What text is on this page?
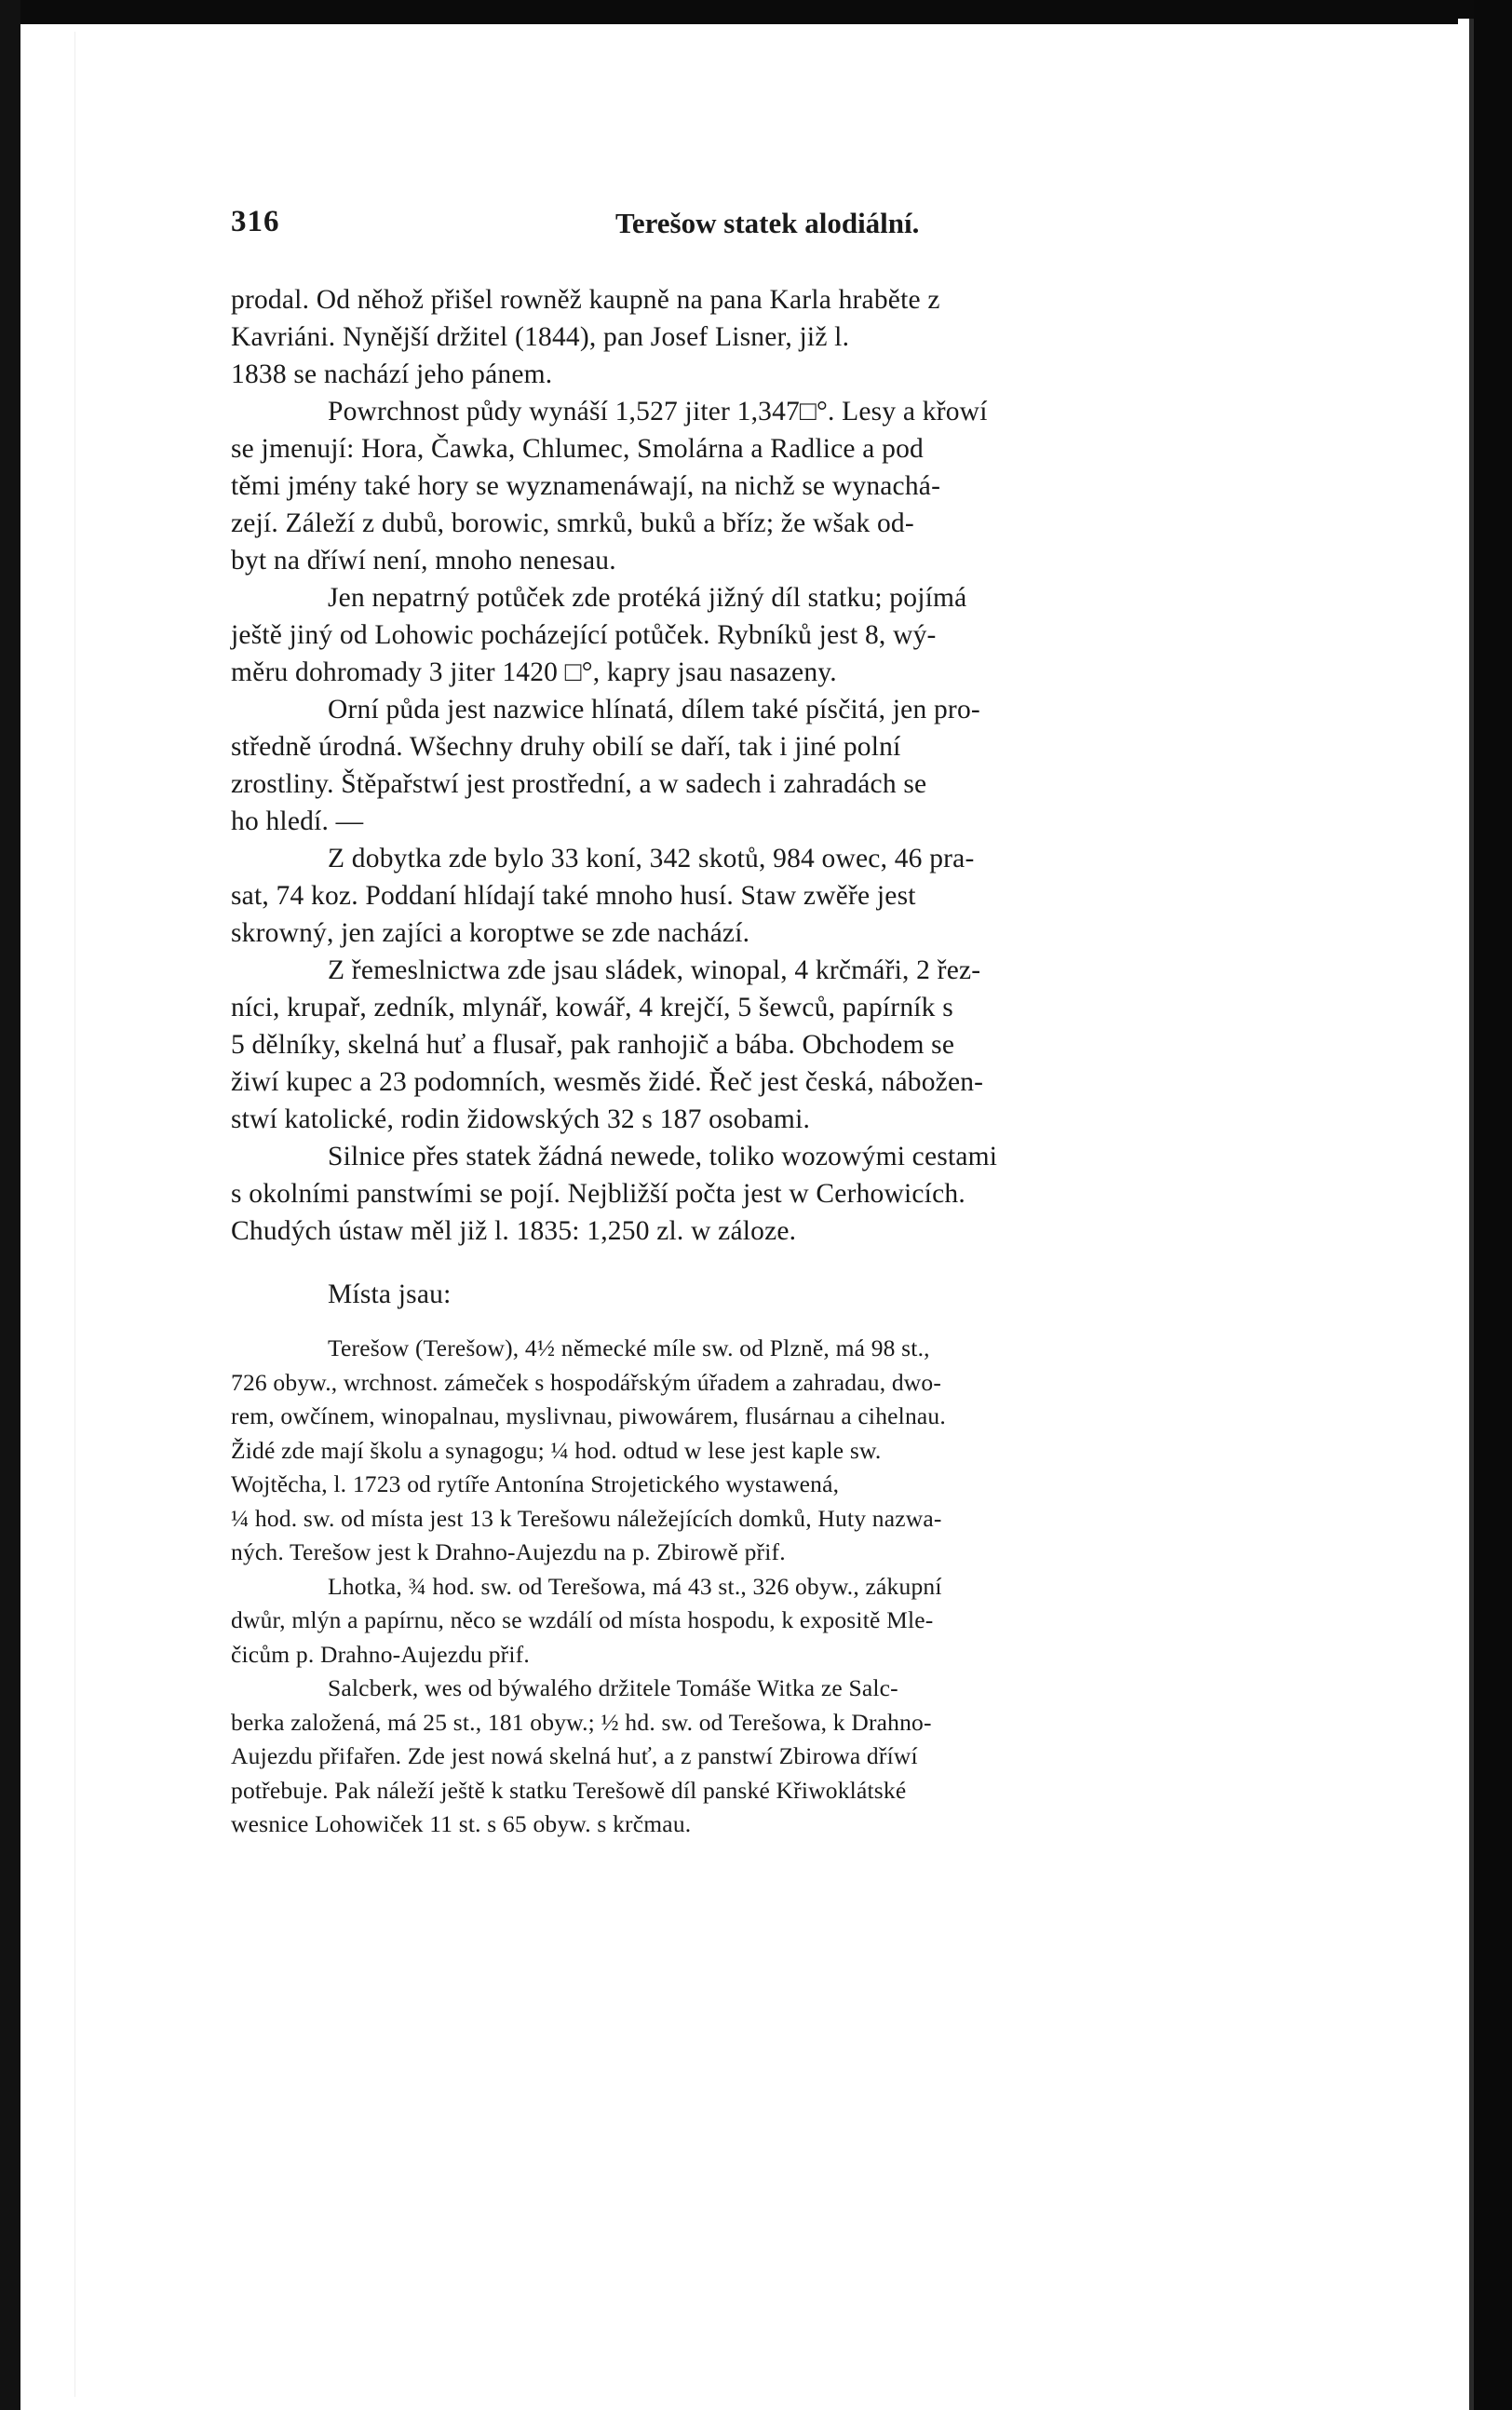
316	Terešow statek alodiální.
prodal. Od něhož přišel rowněž kaupně na pana Karla hraběte z
Kavriáni. Nynější držitel (1844), pan Josef Lisner, již l.
1838 se nachází jeho pánem.
Powrchnost půdy wynáší 1,527 jiter 1,347□°. Lesy a křowí
se jmenují: Hora, Čawka, Chlumec, Smolárna a Radlice a pod
těmi jmény také hory se wyznamenáwají, na nichž se wynachá-
zejí. Záleží z dubů, borowic, smrků, buků a bříz; že wšak od-
byt na dříwí není, mnoho nenesau.
Jen nepatrný potůček zde protéká jižný díl statku; pojímá
ještě jiný od Lohowic pocházející potůček. Rybníků jest 8, wý-
měru dohromady 3 jiter 1420 □°, kapry jsau nasazeny.
Orní půda jest nazwice hlínatá, dílem také písčitá, jen pro-
středně úrodná. Wšechny druhy obilí se daří, tak i jiné polní
zrostliny. Štěpařstwí jest prostřední, a w sadech i zahradách se
ho hledí. —
Z dobytka zde bylo 33 koní, 342 skotů, 984 owec, 46 pra-
sat, 74 koz. Poddaní hlídají také mnoho husí. Staw zwěře jest
skrowný, jen zajíci a koroptwe se zde nachází.
Z řemeslnictwa zde jsau sládek, winopal, 4 krčmáři, 2 řez-
níci, krupař, zedník, mlynář, kowář, 4 krejčí, 5 šewců, papírník s
5 dělníky, skelná huť a flusař, pak ranhojič a bába. Obchodem se
žiwí kupec a 23 podomních, wesměs židé. Řeč jest česká, nábožen-
stwí katolické, rodin židowských 32 s 187 osobami.
Silnice přes statek žádná newede, toliko wozowými cestami
s okolními panstwími se pojí. Nejbližší počta jest w Cerhowicích.
Chudých ústaw měl již l. 1835: 1,250 zl. w záloze.
Místa jsau:
Terešow (Terešow), 4½ německé míle sw. od Plzně, má 98 st.,
726 obyw., wrchnost. zámeček s hospodářským úřadem a zahradau, dwo-
rem, owčínem, winopalnau, myslivnau, piwowárem, flusárnau a cihelnau.
Židé zde mají školu a synagogu; ¼ hod. odtud w lese jest kaple sw.
Wojtěcha, l. 1723 od rytíře Antonína Strojetického wystawená,
¼ hod. sw. od místa jest 13 k Terešowu náležejících domků, Huty nazwa-
ných. Terešow jest k Drahno-Aujezdu na p. Zbirowě přif.
Lhotka, ¾ hod. sw. od Terešowa, má 43 st., 326 obyw., zákupní
dwůr, mlýn a papírnu, něco se wzdálí od místa hospodu, k expositě Mle-
čicům p. Drahno-Aujezdu přif.
Salcberk, wes od býwalého držitele Tomáše Witka ze Salc-
berka založená, má 25 st., 181 obyw.; ½ hd. sw. od Terešowa, k Drahno-
Aujezdu přifařen. Zde jest nowá skelná huť, a z panstwí Zbirowa dříwí
potřebuje. Pak náleží ještě k statku Terešowě díl panské Křiwoklátské
wesnice Lohowiček 11 st. s 65 obyw. s krčmau.
